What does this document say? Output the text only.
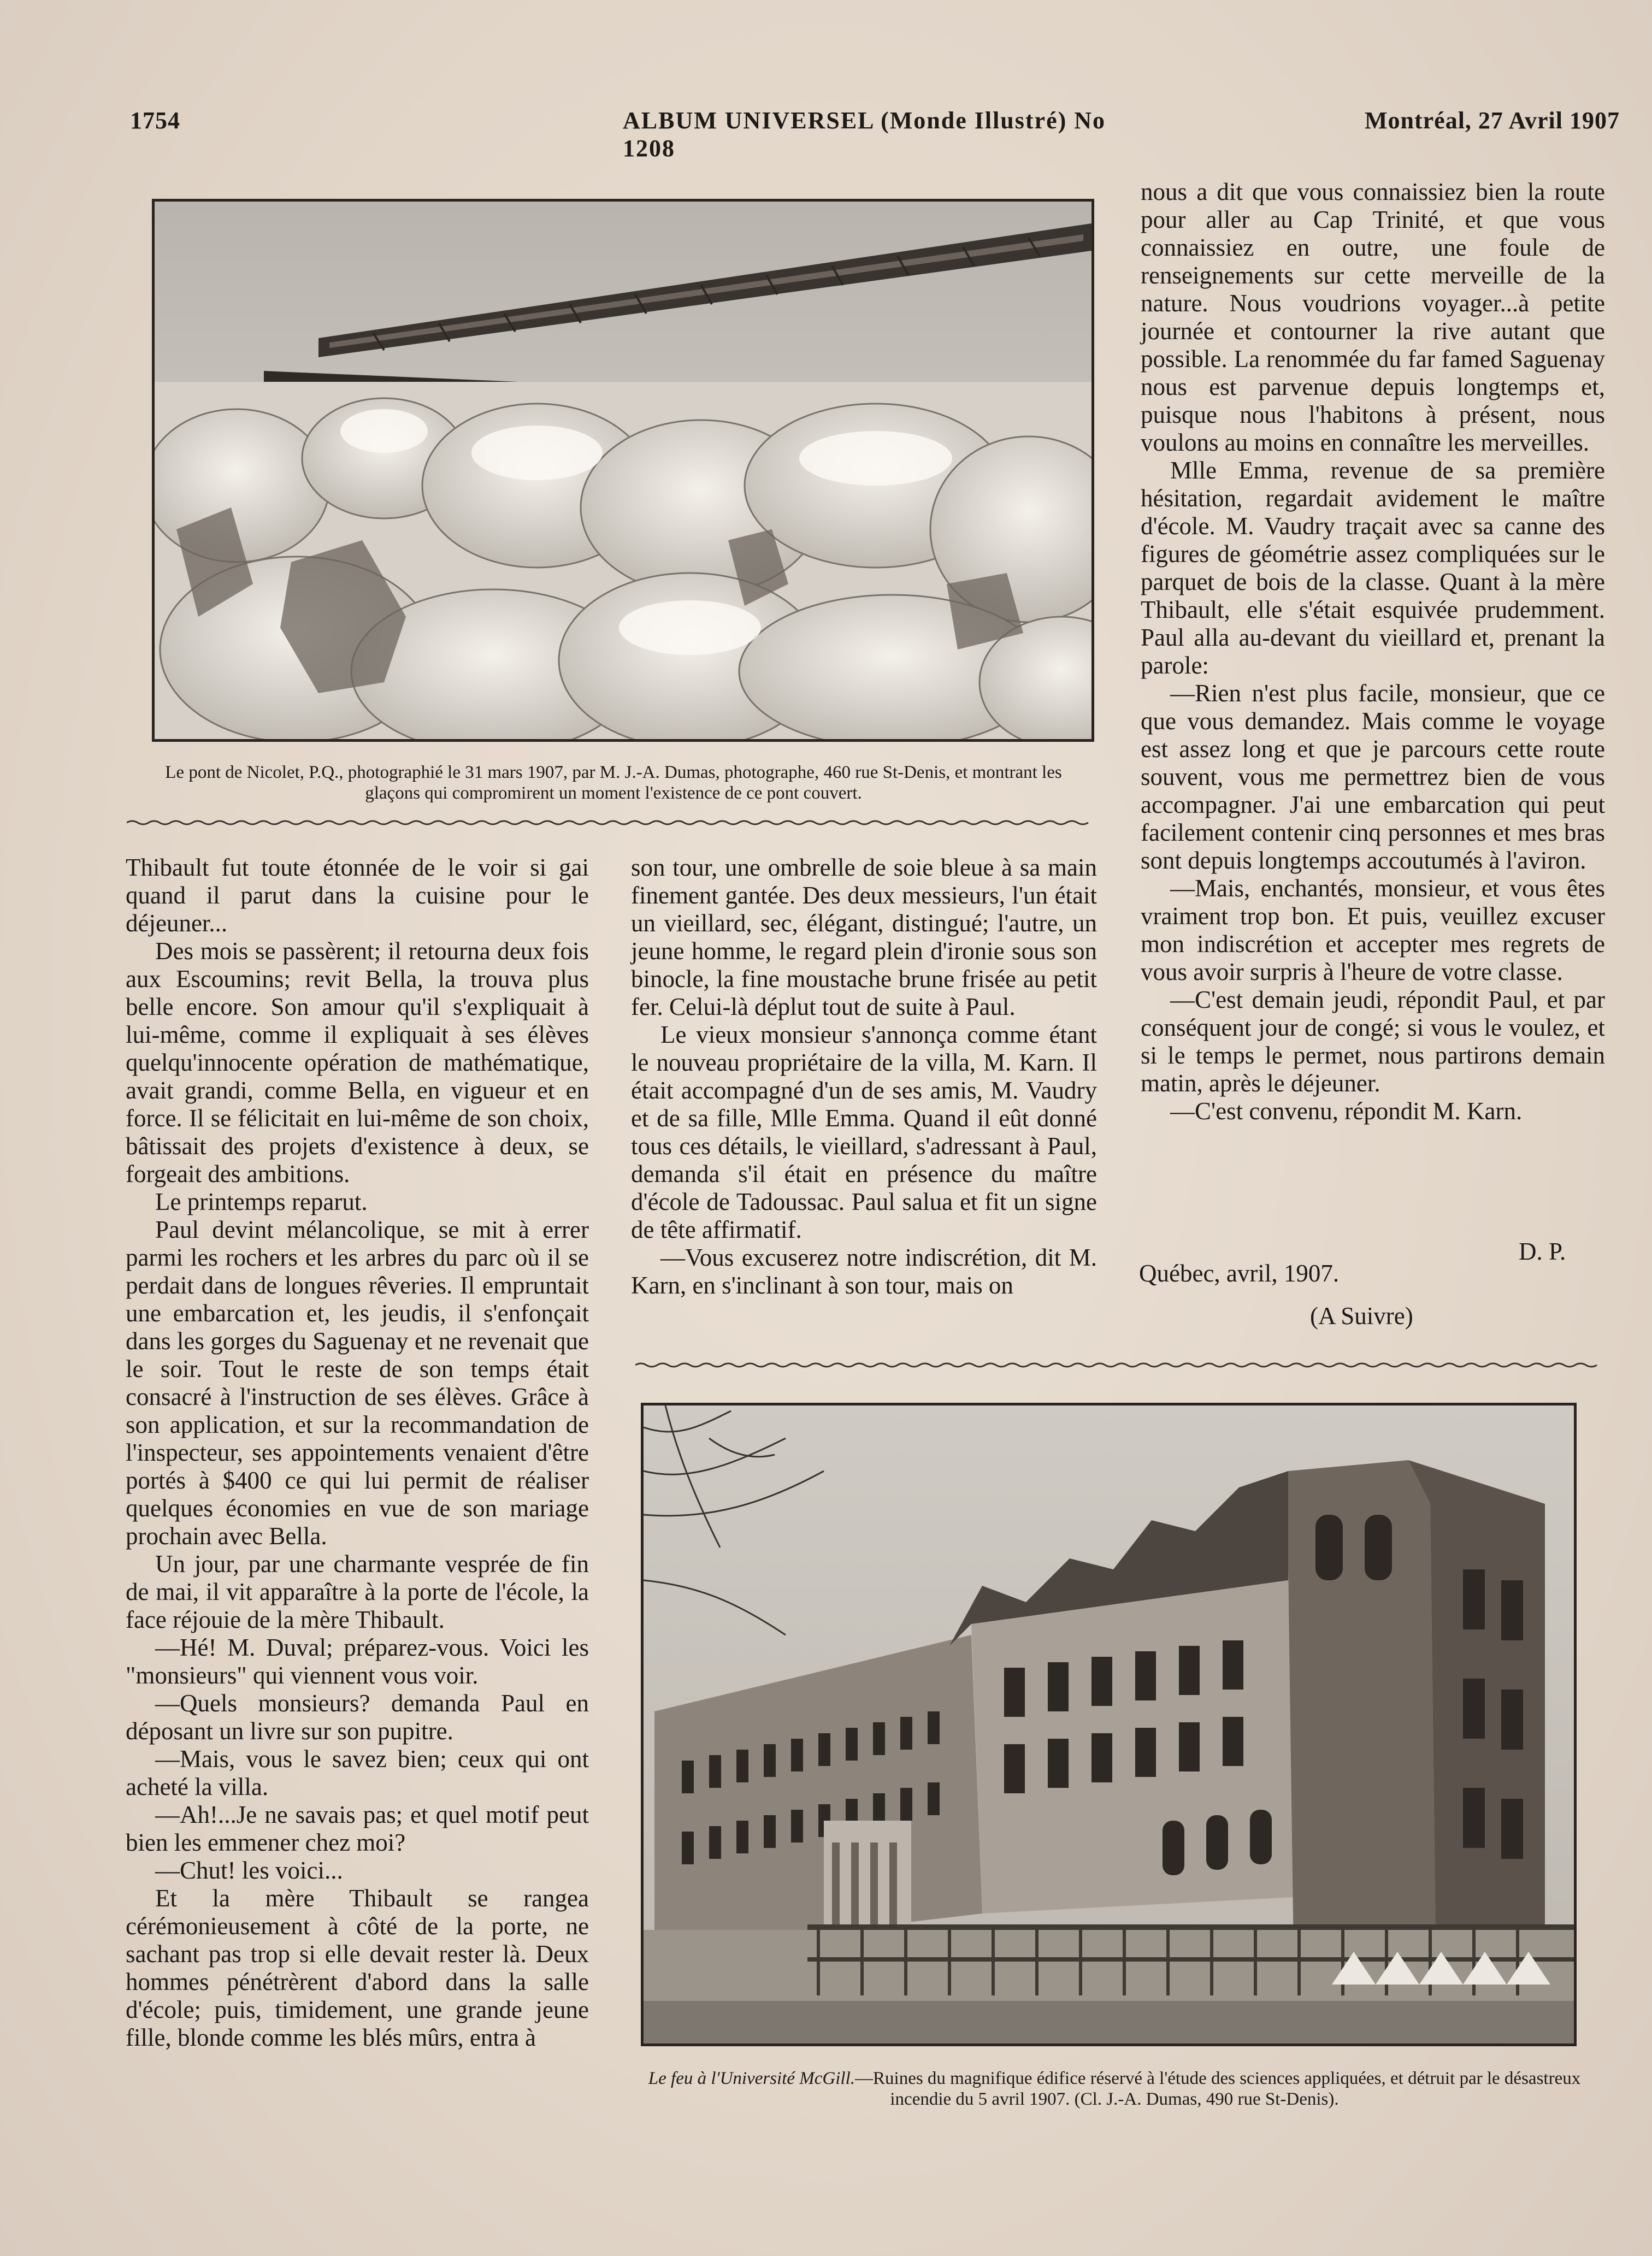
1754	ALBUM UNIVERSEL (Monde Illustré) No 1208
Montréal, 27 Avril 1907
Le pont de Nicolet, P.Q., photographié le 31 mars 1907, par M. J.-A. Dumas, photographe, 460 rue St-Denis, et montrant les glaçons qui compromirent un moment l'existence de ce pont couvert.

Thibault fut toute étonnée de le voir si gai quand il parut dans la cuisine pour le déjeuner...

Des mois se passèrent; il retourna deux fois aux Escoumins; revit Bella, la trouva plus belle encore. Son amour qu'il s'expliquait à lui-même, comme il expliquait à ses élèves quelqu'innocente opération de mathématique, avait grandi, comme Bella, en vigueur et en force. Il se félicitait en lui-même de son choix, bâtissait des projets d'existence à deux, se forgeait des ambitions.

Le printemps reparut.

Paul devint mélancolique, se mit à errer parmi les rochers et les arbres du parc où il se perdait dans de longues rêveries. Il empruntait une embarcation et, les jeudis, il s'enfonçait dans les gorges du Saguenay et ne revenait que le soir. Tout le reste de son temps était consacré à l'instruction de ses élèves. Grâce à son application, et sur la recommandation de l'inspecteur, ses appointements venaient d'être portés à $400 ce qui lui permit de réaliser quelques économies en vue de son mariage prochain avec Bella.

Un jour, par une charmante vesprée de fin de mai, il vit apparaître à la porte de l'école, la face réjouie de la mère Thibault.

—Hé! M. Duval; préparez-vous. Voici les "monsieurs" qui viennent vous voir.

—Quels monsieurs? demanda Paul en déposant un livre sur son pupitre.

—Mais, vous le savez bien; ceux qui ont acheté la villa.

—Ah!...Je ne savais pas; et quel motif peut bien les emmener chez moi?

—Chut! les voici...

Et la mère Thibault se rangea cérémonieusement à côté de la porte, ne sachant pas trop si elle devait rester là. Deux hommes pénétrèrent d'abord dans la salle d'école; puis, timidement, une grande jeune fille, blonde comme les blés mûrs, entra à

son tour, une ombrelle de soie bleue à sa main finement gantée. Des deux messieurs, l'un était un vieillard, sec, élégant, distingué; l'autre, un jeune homme, le regard plein d'ironie sous son binocle, la fine moustache brune frisée au petit fer. Celui-là déplut tout de suite à Paul.

Le vieux monsieur s'annonça comme étant le nouveau propriétaire de la villa, M. Karn. Il était accompagné d'un de ses amis, M. Vaudry et de sa fille, Mlle Emma. Quand il eût donné tous ces détails, le vieillard, s'adressant à Paul, demanda s'il était en présence du maître d'école de Tadoussac. Paul salua et fit un signe de tête affirmatif.

—Vous excuserez notre indiscrétion, dit M. Karn, en s'inclinant à son tour, mais on

nous a dit que vous connaissiez bien la route pour aller au Cap Trinité, et que vous connaissiez en outre, une foule de renseignements sur cette merveille de la nature. Nous voudrions voyager...à petite journée et contourner la rive autant que possible. La renommée du far famed Saguenay nous est parvenue depuis longtemps et, puisque nous l'habitons à présent, nous voulons au moins en connaître les merveilles.

Mlle Emma, revenue de sa première hésitation, regardait avidement le maître d'école. M. Vaudry traçait avec sa canne des figures de géométrie assez compliquées sur le parquet de bois de la classe. Quant à la mère Thibault, elle s'était esquivée prudemment. Paul alla au-devant du vieillard et, prenant la parole:

—Rien n'est plus facile, monsieur, que ce que vous demandez. Mais comme le voyage est assez long et que je parcours cette route souvent, vous me permettrez bien de vous accompagner. J'ai une embarcation qui peut facilement contenir cinq personnes et mes bras sont depuis longtemps accoutumés à l'aviron.

—Mais, enchantés, monsieur, et vous êtes vraiment trop bon. Et puis, veuillez excuser mon indiscrétion et accepter mes regrets de vous avoir surpris à l'heure de votre classe.

—C'est demain jeudi, répondit Paul, et par conséquent jour de congé; si vous le voulez, et si le temps le permet, nous partirons demain matin, après le déjeuner.

—C'est convenu, répondit M. Karn.

D. P.
Québec, avril, 1907.
(A Suivre)
Le feu à l'Université McGill.—Ruines du magnifique édifice réservé à l'étude des sciences appliquées, et détruit par le désastreux incendie du 5 avril 1907. (Cl. J.-A. Dumas, 490 rue St-Denis).
